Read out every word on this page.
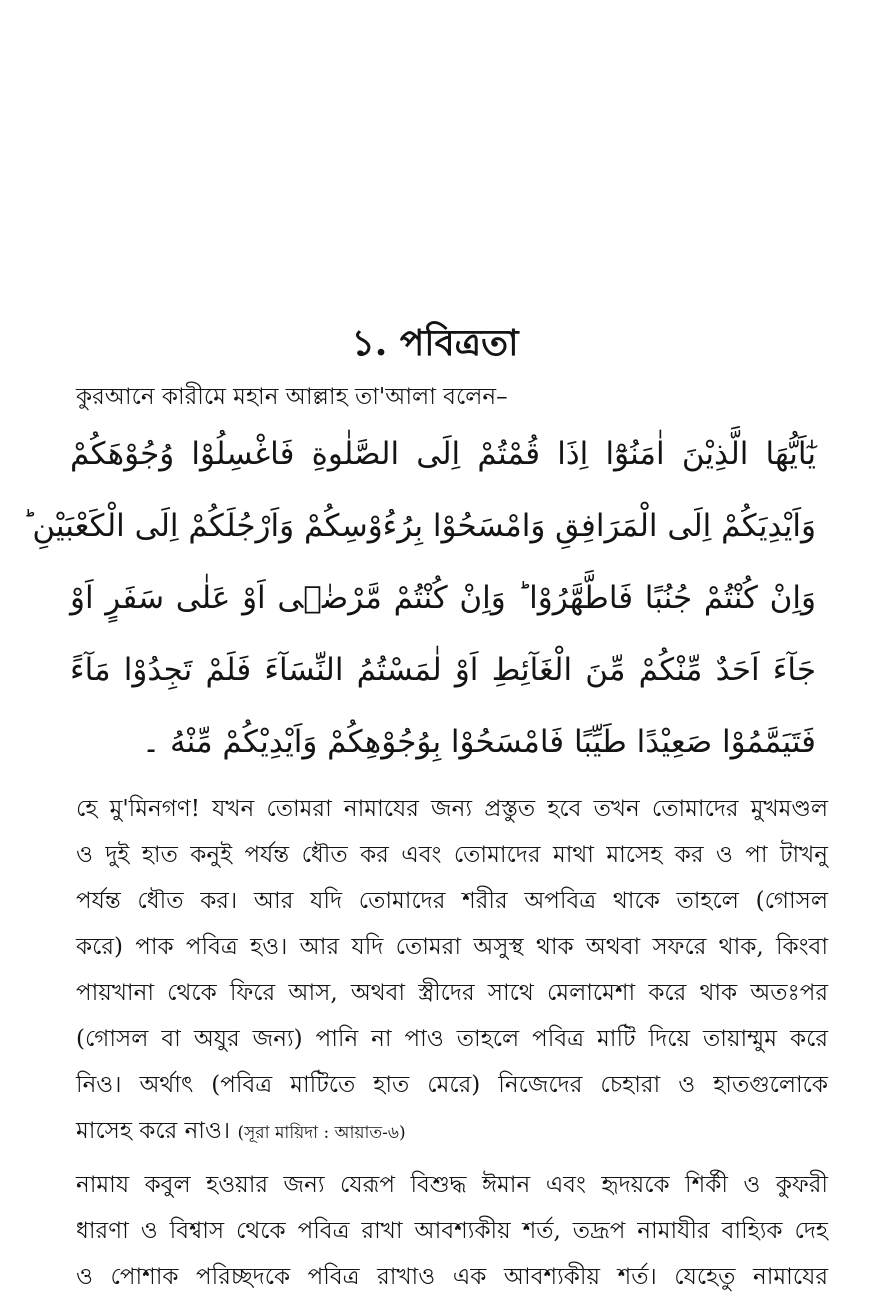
১. পবিত্রতা
কুরআনে কারীমে মহান আল্লাহ তা'আলা বলেন–
يٰٓاَيُّهَا الَّذِيْنَ اٰمَنُوْٓا اِذَا قُمْتُمْ اِلَى الصَّلٰوةِ فَاغْسِلُوْا وُجُوْهَكُمْ
وَاَيْدِيَكُمْ اِلَى الْمَرَافِقِ وَامْسَحُوْا بِرُءُوْسِكُمْ وَاَرْجُلَكُمْ اِلَى الْكَعْبَيْنِ ؕ
وَاِنْ كُنْتُمْ جُنُبًا فَاطَّهَّرُوْا ؕ وَاِنْ كُنْتُمْ مَّرْضٰۤى اَوْ عَلٰى سَفَرٍ اَوْ
جَآءَ اَحَدٌ مِّنْكُمْ مِّنَ الْغَآئِطِ اَوْ لٰمَسْتُمُ النِّسَآءَ فَلَمْ تَجِدُوْا مَآءً
فَتَيَمَّمُوْا صَعِيْدًا طَيِّبًا فَامْسَحُوْا بِوُجُوْهِكُمْ وَاَيْدِيْكُمْ مِّنْهُ ۔
হে মু'মিনগণ! যখন তোমরা নামাযের জন্য প্রস্তুত হবে তখন তোমাদের মুখমণ্ডল
ও দুই হাত কনুই পর্যন্ত ধৌত কর এবং তোমাদের মাথা মাসেহ কর ও পা টাখনু
পর্যন্ত ধৌত কর। আর যদি তোমাদের শরীর অপবিত্র থাকে তাহলে (গোসল
করে) পাক পবিত্র হও। আর যদি তোমরা অসুস্থ থাক অথবা সফরে থাক, কিংবা
পায়খানা থেকে ফিরে আস, অথবা স্ত্রীদের সাথে মেলামেশা করে থাক অতঃপর
(গোসল বা অযুর জন্য) পানি না পাও তাহলে পবিত্র মাটি দিয়ে তায়াম্মুম করে
নিও। অর্থাৎ (পবিত্র মাটিতে হাত মেরে) নিজেদের চেহারা ও হাতগুলোকে
মাসেহ করে নাও। (সূরা মায়িদা : আয়াত-৬)
নামায কবুল হওয়ার জন্য যেরূপ বিশুদ্ধ ঈমান এবং হৃদয়কে শির্কী ও কুফরী
ধারণা ও বিশ্বাস থেকে পবিত্র রাখা আবশ্যকীয় শর্ত, তদ্রূপ নামাযীর বাহ্যিক দেহ
ও পোশাক পরিচ্ছদকে পবিত্র রাখাও এক আবশ্যকীয় শর্ত। যেহেতু নামাযের
